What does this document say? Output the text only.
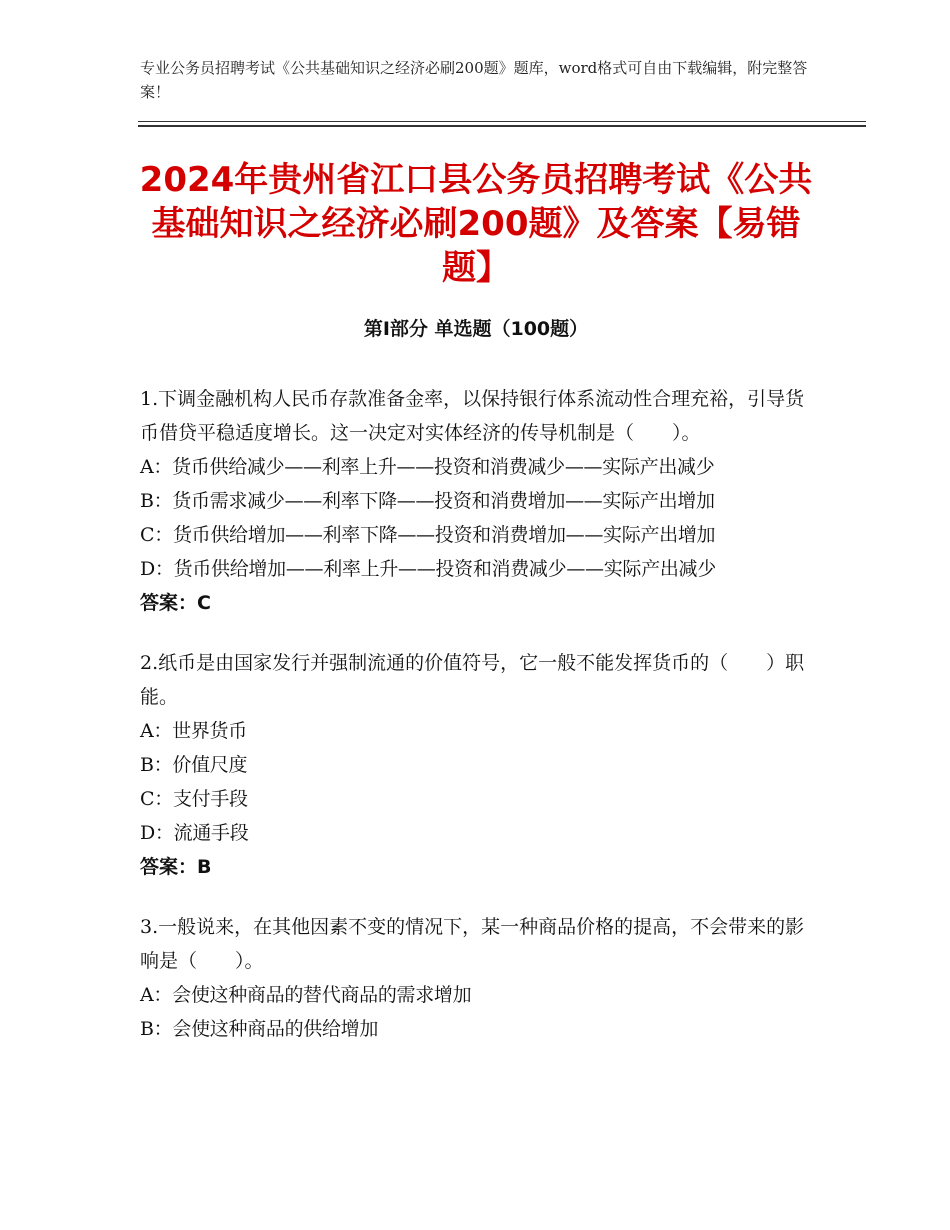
专业公务员招聘考试《公共基础知识之经济必刷200题》题库，word格式可自由下载编辑，附完整答案！
2024年贵州省江口县公务员招聘考试《公共基础知识之经济必刷200题》及答案【易错题】
第Ⅰ部分 单选题（100题）

1.下调金融机构人民币存款准备金率，以保持银行体系流动性合理充裕，引导货币借贷平稳适度增长。这一决定对实体经济的传导机制是（　　）。

A：货币供给减少——利率上升——投资和消费减少——实际产出减少

B：货币需求减少——利率下降——投资和消费增加——实际产出增加

C：货币供给增加——利率下降——投资和消费增加——实际产出增加

D：货币供给增加——利率上升——投资和消费减少——实际产出减少

答案：C

2.纸币是由国家发行并强制流通的价值符号，它一般不能发挥货币的（　　）职能。

A：世界货币

B：价值尺度

C：支付手段

D：流通手段

答案：B

3.一般说来，在其他因素不变的情况下，某一种商品价格的提高，不会带来的影响是（　　）。

A：会使这种商品的替代商品的需求增加

B：会使这种商品的供给增加
